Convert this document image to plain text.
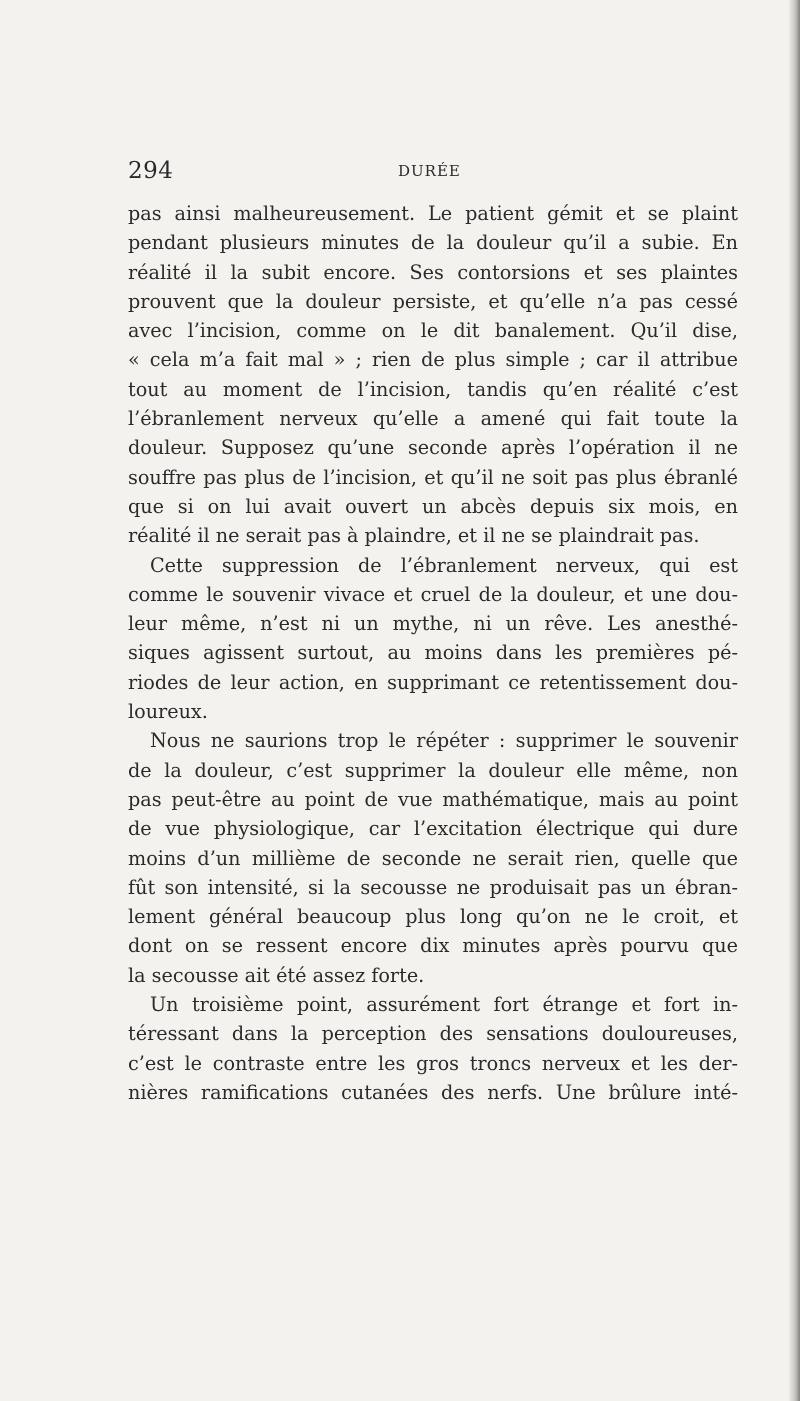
294	DURÉE
pas ainsi malheureusement. Le patient gémit et se plaint
pendant plusieurs minutes de la douleur qu’il a subie. En
réalité il la subit encore. Ses contorsions et ses plaintes
prouvent que la douleur persiste, et qu’elle n’a pas cessé
avec l’incision, comme on le dit banalement. Qu’il dise,
« cela m’a fait mal » ; rien de plus simple ; car il attribue
tout au moment de l’incision, tandis qu’en réalité c’est
l’ébranlement nerveux qu’elle a amené qui fait toute la
douleur. Supposez qu’une seconde après l’opération il ne
souffre pas plus de l’incision, et qu’il ne soit pas plus ébranlé
que si on lui avait ouvert un abcès depuis six mois, en
réalité il ne serait pas à plaindre, et il ne se plaindrait pas.
Cette suppression de l’ébranlement nerveux, qui est
comme le souvenir vivace et cruel de la douleur, et une dou-
leur même, n’est ni un mythe, ni un rêve. Les anesthé-
siques agissent surtout, au moins dans les premières pé-
riodes de leur action, en supprimant ce retentissement dou-
loureux.
Nous ne saurions trop le répéter : supprimer le souvenir
de la douleur, c’est supprimer la douleur elle même, non
pas peut-être au point de vue mathématique, mais au point
de vue physiologique, car l’excitation électrique qui dure
moins d’un millième de seconde ne serait rien, quelle que
fût son intensité, si la secousse ne produisait pas un ébran-
lement général beaucoup plus long qu’on ne le croit, et
dont on se ressent encore dix minutes après pourvu que
la secousse ait été assez forte.
Un troisième point, assurément fort étrange et fort in-
téressant dans la perception des sensations douloureuses,
c’est le contraste entre les gros troncs nerveux et les der-
nières ramifications cutanées des nerfs. Une brûlure inté-
